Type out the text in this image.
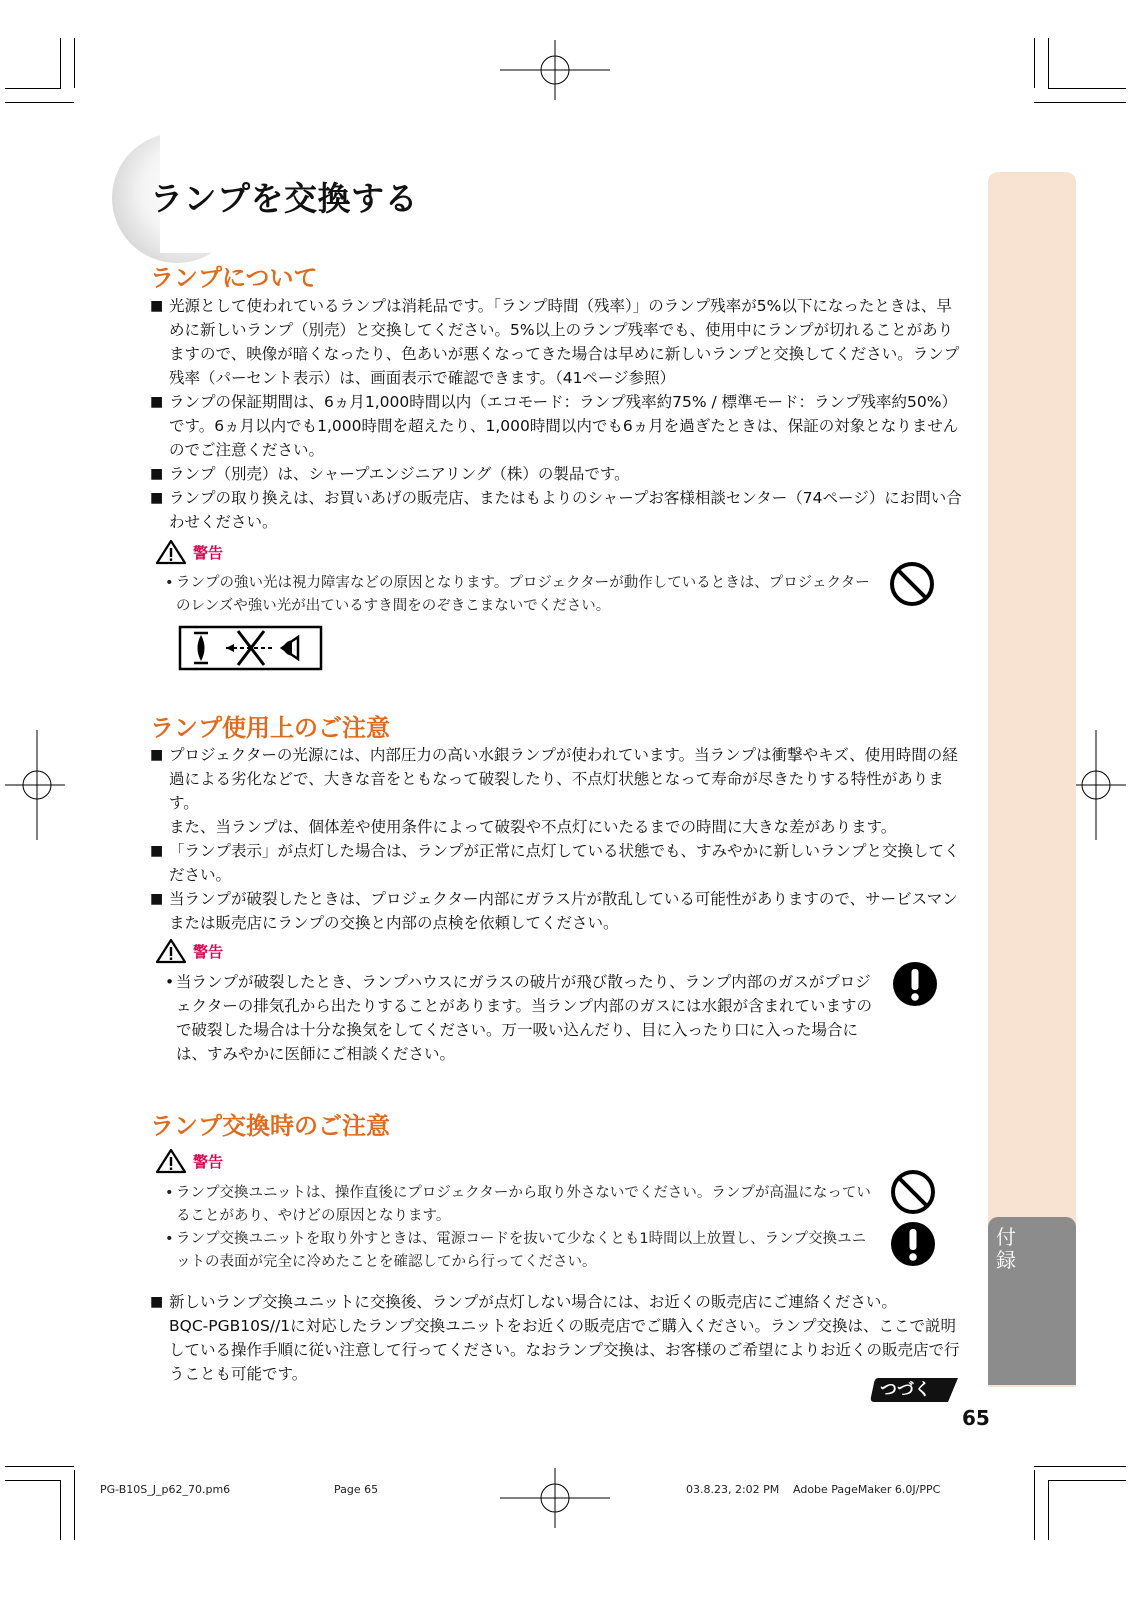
付録
ランプを交換する
ランプについて
■ 光源として使われているランプは消耗品です。「ランプ時間（残率）」のランプ残率が5%以下になったときは、早めに新しいランプ（別売）と交換してください。5%以上のランプ残率でも、使用中にランプが切れることがありますので、映像が暗くなったり、色あいが悪くなってきた場合は早めに新しいランプと交換してください。ランプ残率（パーセント表示）は、画面表示で確認できます。（41ページ参照）
■ ランプの保証期間は、6ヵ月1,000時間以内（エコモード：ランプ残率約75% / 標準モード：ランプ残率約50%）です。6ヵ月以内でも1,000時間を超えたり、1,000時間以内でも6ヵ月を過ぎたときは、保証の対象となりませんのでご注意ください。
■ ランプ（別売）は、シャープエンジニアリング（株）の製品です。
■ ランプの取り換えは、お買いあげの販売店、またはもよりのシャープお客様相談センター（74ページ）にお問い合わせください。
警告
• ランプの強い光は視力障害などの原因となります。プロジェクターが動作しているときは、プロジェクターのレンズや強い光が出ているすき間をのぞきこまないでください。
ランプ使用上のご注意
■ プロジェクターの光源には、内部圧力の高い水銀ランプが使われています。当ランプは衝撃やキズ、使用時間の経過による劣化などで、大きな音をともなって破裂したり、不点灯状態となって寿命が尽きたりする特性があります。
また、当ランプは、個体差や使用条件によって破裂や不点灯にいたるまでの時間に大きな差があります。
■ 「ランプ表示」が点灯した場合は、ランプが正常に点灯している状態でも、すみやかに新しいランプと交換してください。
■ 当ランプが破裂したときは、プロジェクター内部にガラス片が散乱している可能性がありますので、サービスマンまたは販売店にランプの交換と内部の点検を依頼してください。
警告
• 当ランプが破裂したとき、ランプハウスにガラスの破片が飛び散ったり、ランプ内部のガスがプロジェクターの排気孔から出たりすることがあります。当ランプ内部のガスには水銀が含まれていますので破裂した場合は十分な換気をしてください。万一吸い込んだり、目に入ったり口に入った場合には、すみやかに医師にご相談ください。
ランプ交換時のご注意
警告
• ランプ交換ユニットは、操作直後にプロジェクターから取り外さないでください。ランプが高温になっていることがあり、やけどの原因となります。
• ランプ交換ユニットを取り外すときは、電源コードを抜いて少なくとも1時間以上放置し、ランプ交換ユニットの表面が完全に冷めたことを確認してから行ってください。
■ 新しいランプ交換ユニットに交換後、ランプが点灯しない場合には、お近くの販売店にご連絡ください。
BQC-PGB10S//1に対応したランプ交換ユニットをお近くの販売店でご購入ください。ランプ交換は、ここで説明している操作手順に従い注意して行ってください。なおランプ交換は、お客様のご希望によりお近くの販売店で行うことも可能です。
つづく
65
PG-B10S_J_p62_70.pm6	Page 65	03.8.23, 2:02 PM Adobe PageMaker 6.0J/PPC
